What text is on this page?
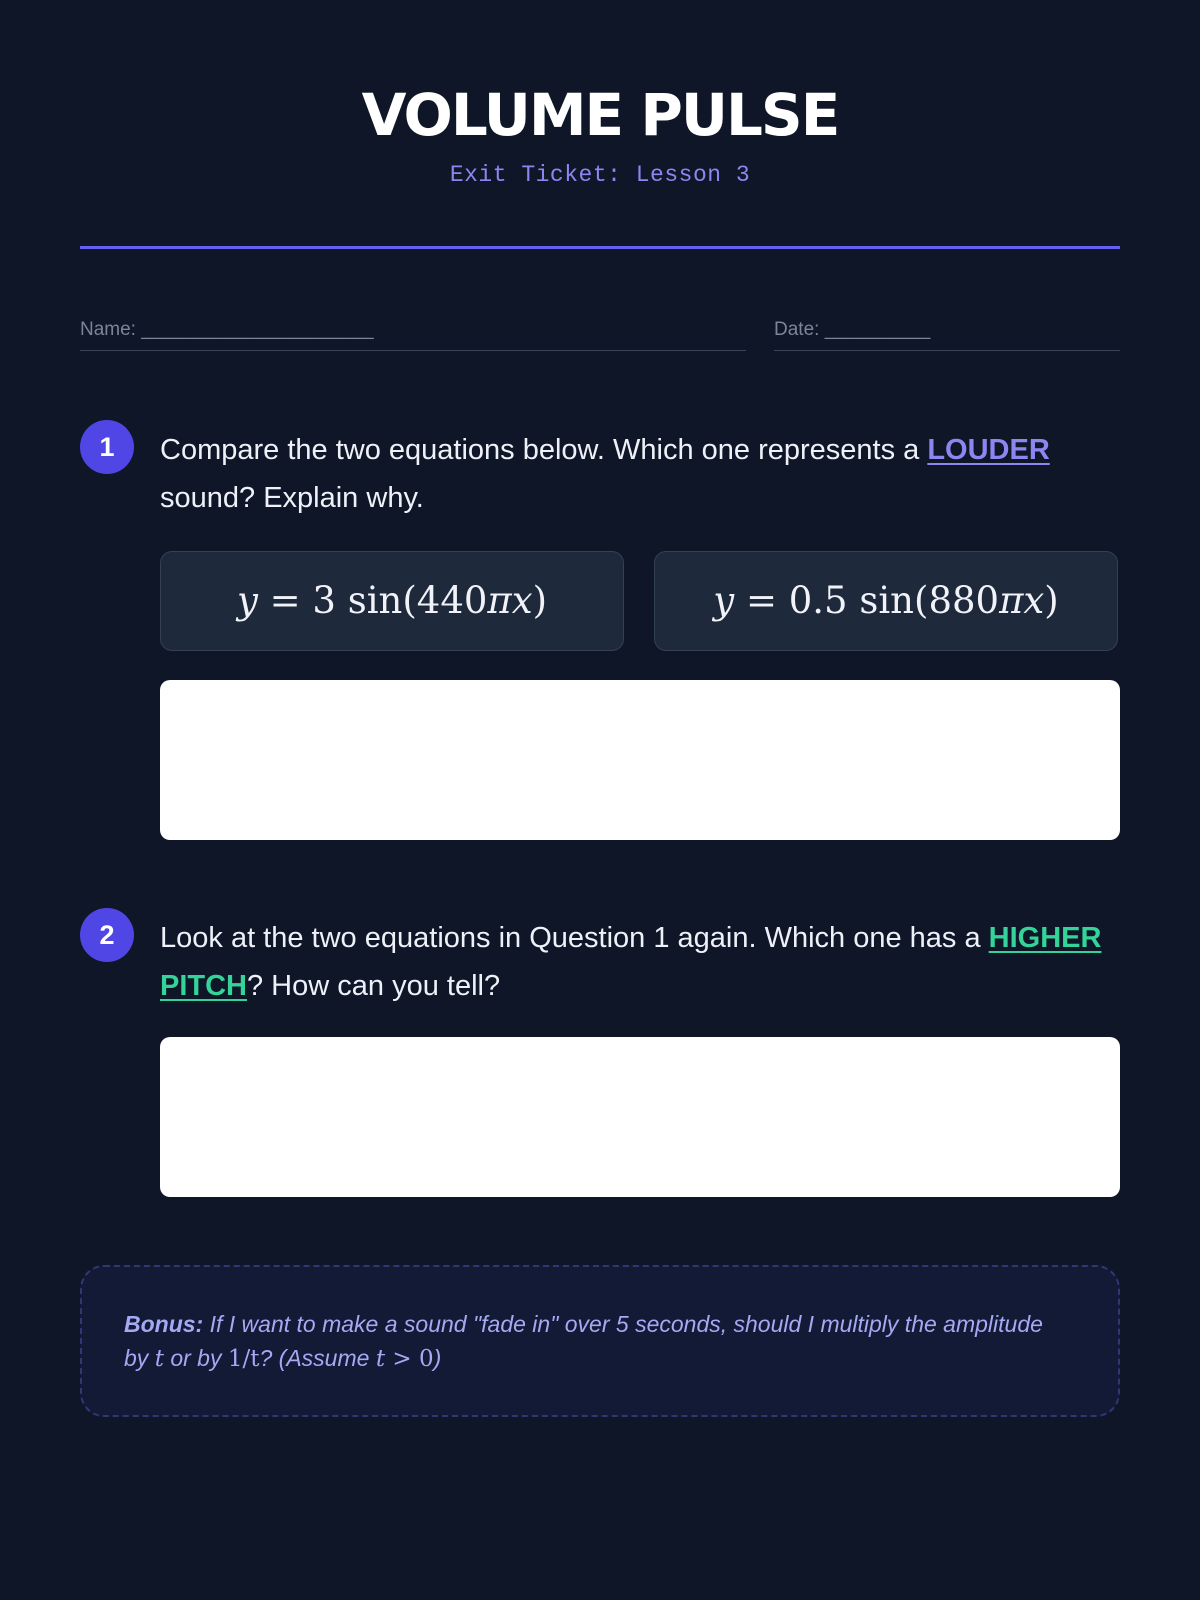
VOLUME PULSE
Exit Ticket: Lesson 3
Name: ______________________	Date: __________
1	Compare the two equations below. Which one represents a LOUDER sound? Explain why.
y = 3 sin(440πx)	y = 0.5 sin(880πx)
2	Look at the two equations in Question 1 again. Which one has a HIGHER PITCH? How can you tell?
Bonus: If I want to make a sound "fade in" over 5 seconds, should I multiply the amplitude by t or by 1/t? (Assume t > 0)
